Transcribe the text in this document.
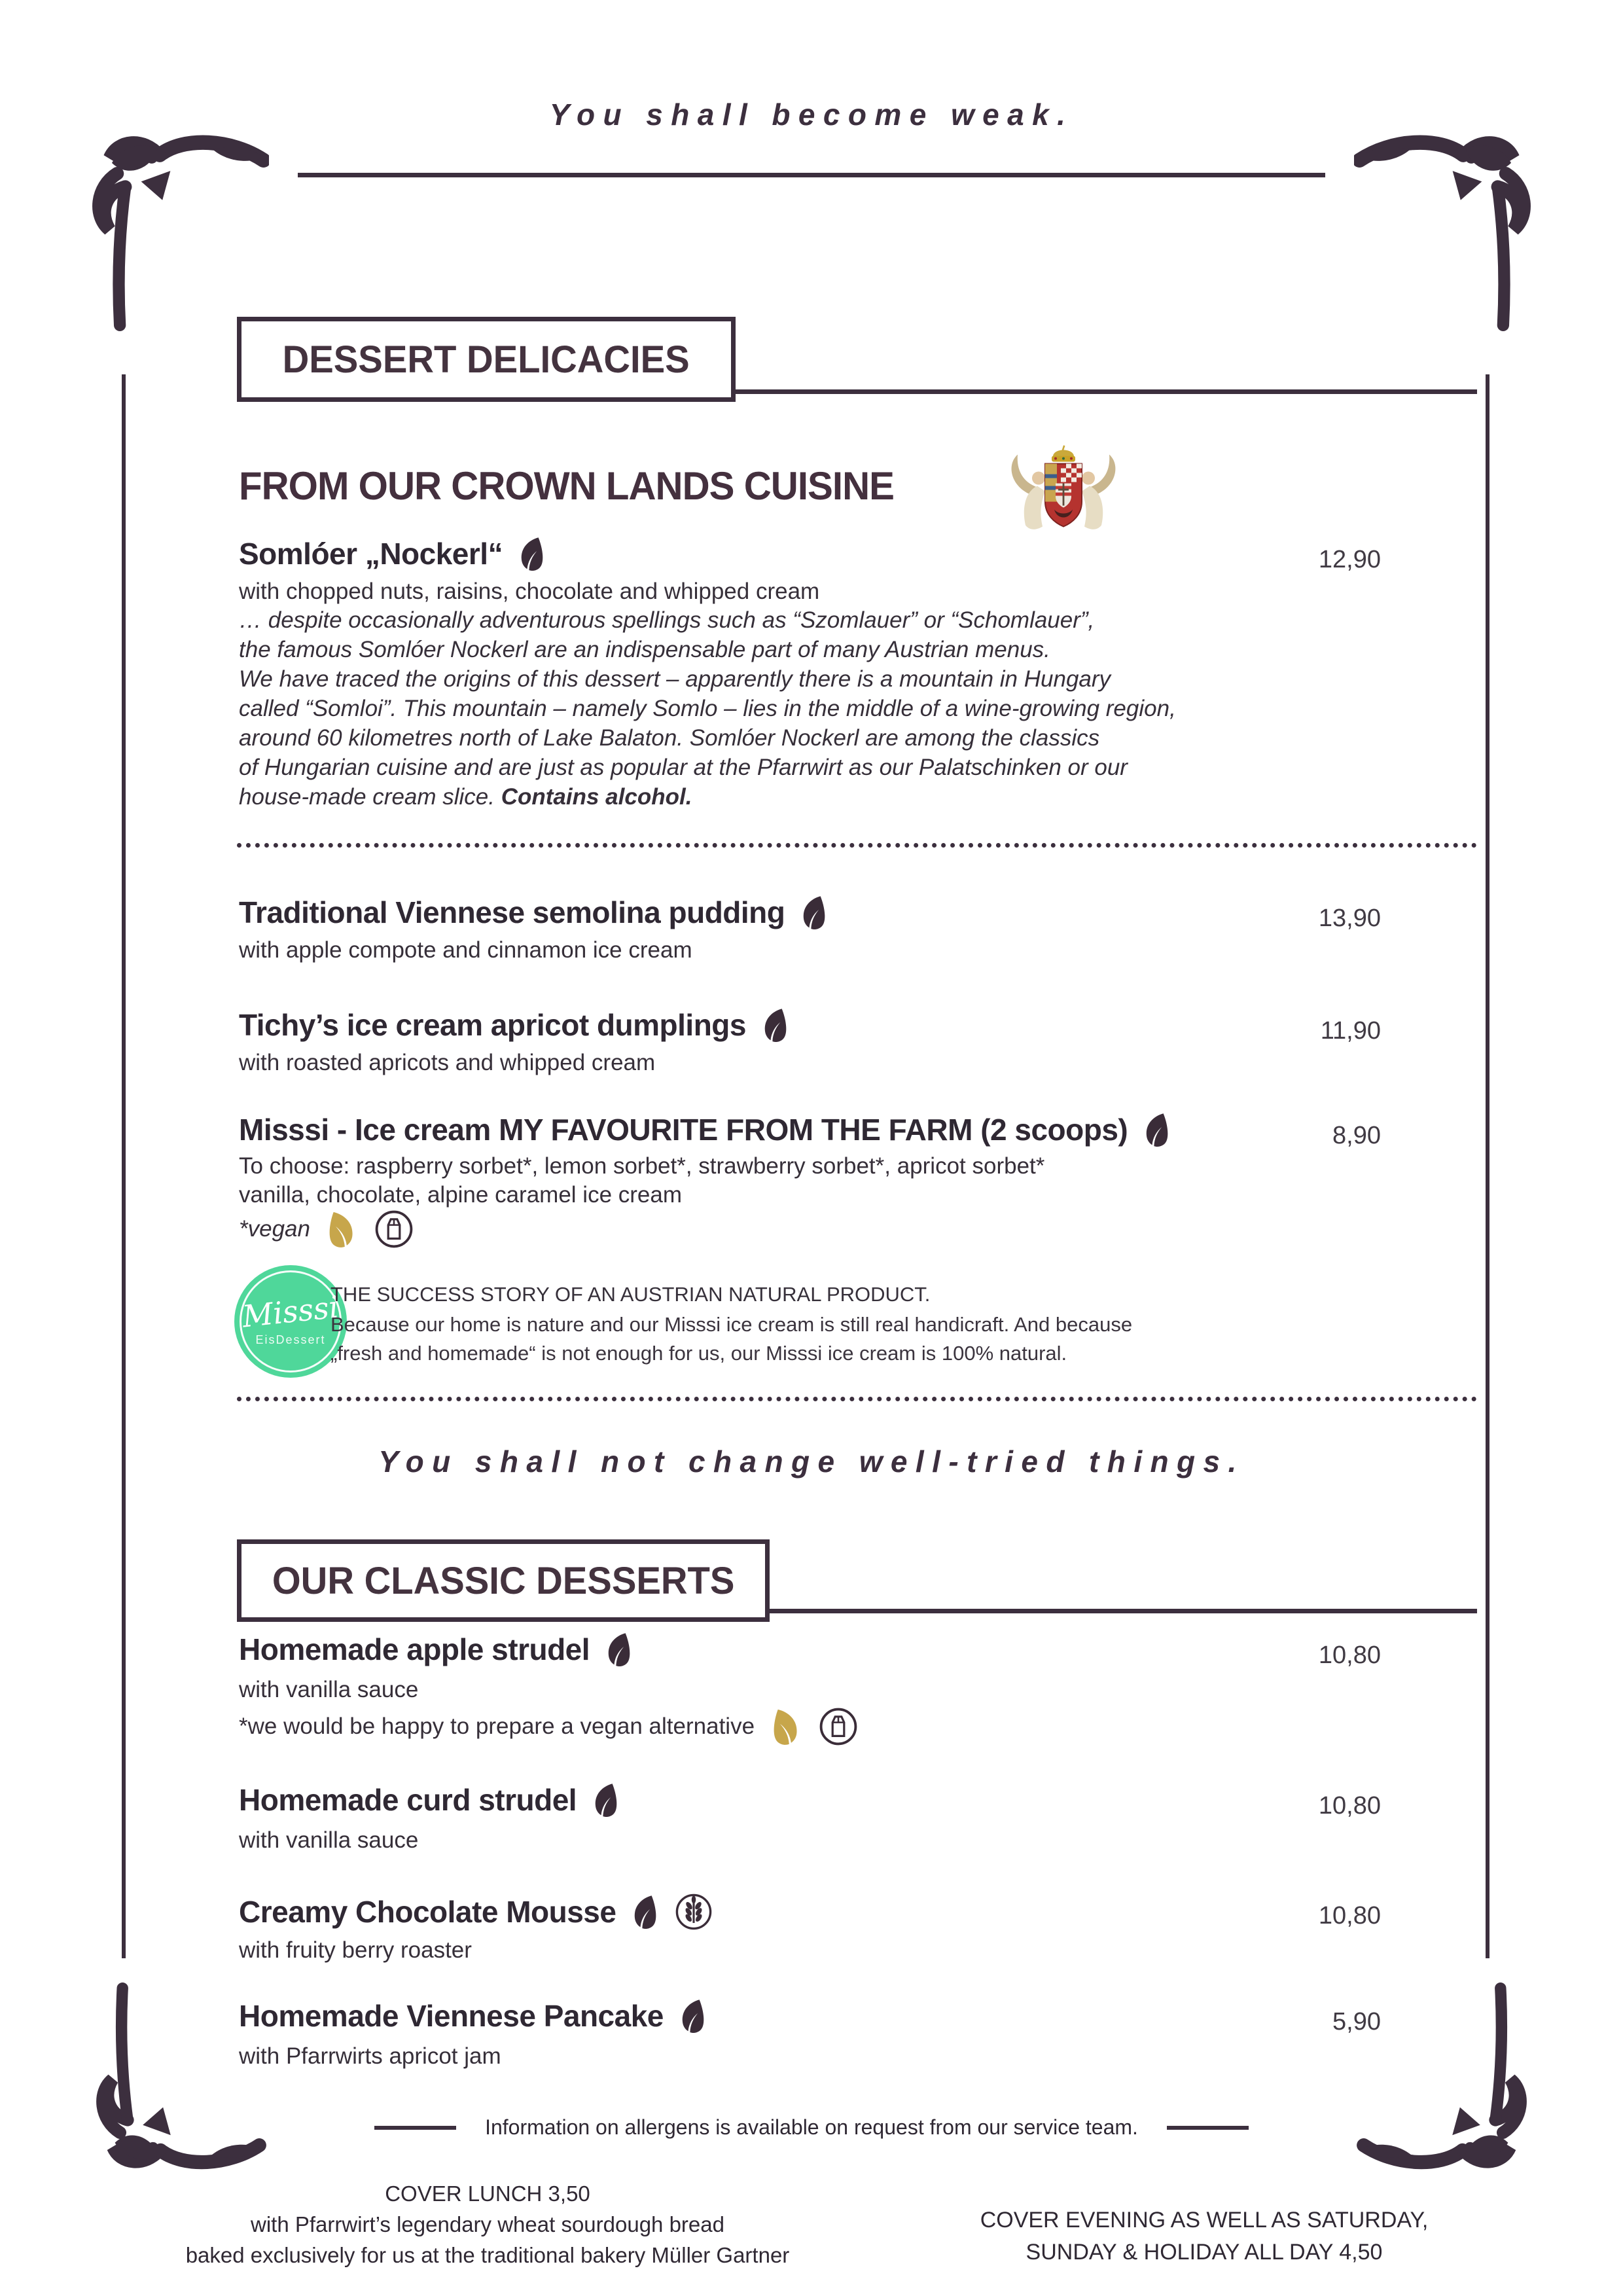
You shall become weak.
DESSERT DELICACIES
FROM OUR CROWN LANDS CUISINE
Somlóer „Nockerl“	12,90
with chopped nuts, raisins, chocolate and whipped cream
… despite occasionally adventurous spellings such as “Szomlauer” or “Schomlauer”,
the famous Somlóer Nockerl are an indispensable part of many Austrian menus.
We have traced the origins of this dessert – apparently there is a mountain in Hungary
called “Somloi”. This mountain – namely Somlo – lies in the middle of a wine-growing region,
around 60 kilometres north of Lake Balaton. Somlóer Nockerl are among the classics
of Hungarian cuisine and are just as popular at the Pfarrwirt as our Palatschinken or our
house-made cream slice. Contains alcohol.
Traditional Viennese semolina pudding	13,90
with apple compote and cinnamon ice cream
Tichy’s ice cream apricot dumplings	11,90
with roasted apricots and whipped cream
Misssi - Ice cream MY FAVOURITE FROM THE FARM (2 scoops)	8,90
To choose: raspberry sorbet*, lemon sorbet*, strawberry sorbet*, apricot sorbet*
vanilla, chocolate, alpine caramel ice cream
*vegan
Misssi
EisDessert
THE SUCCESS STORY OF AN AUSTRIAN NATURAL PRODUCT.
Because our home is nature and our Misssi ice cream is still real handicraft. And because
„fresh and homemade“ is not enough for us, our Misssi ice cream is 100% natural.
You shall not change well-tried things.
OUR CLASSIC DESSERTS
Homemade apple strudel	10,80
with vanilla sauce
*we would be happy to prepare a vegan alternative
Homemade curd strudel	10,80
with vanilla sauce
Creamy Chocolate Mousse	10,80
with fruity berry roaster
Homemade Viennese Pancake	5,90
with Pfarrwirts apricot jam
Information on allergens is available on request from our service team.
COVER LUNCH 3,50
with Pfarrwirt’s legendary wheat sourdough bread
baked exclusively for us at the traditional bakery Müller Gartner
COVER EVENING AS WELL AS SATURDAY,
SUNDAY & HOLIDAY ALL DAY 4,50
